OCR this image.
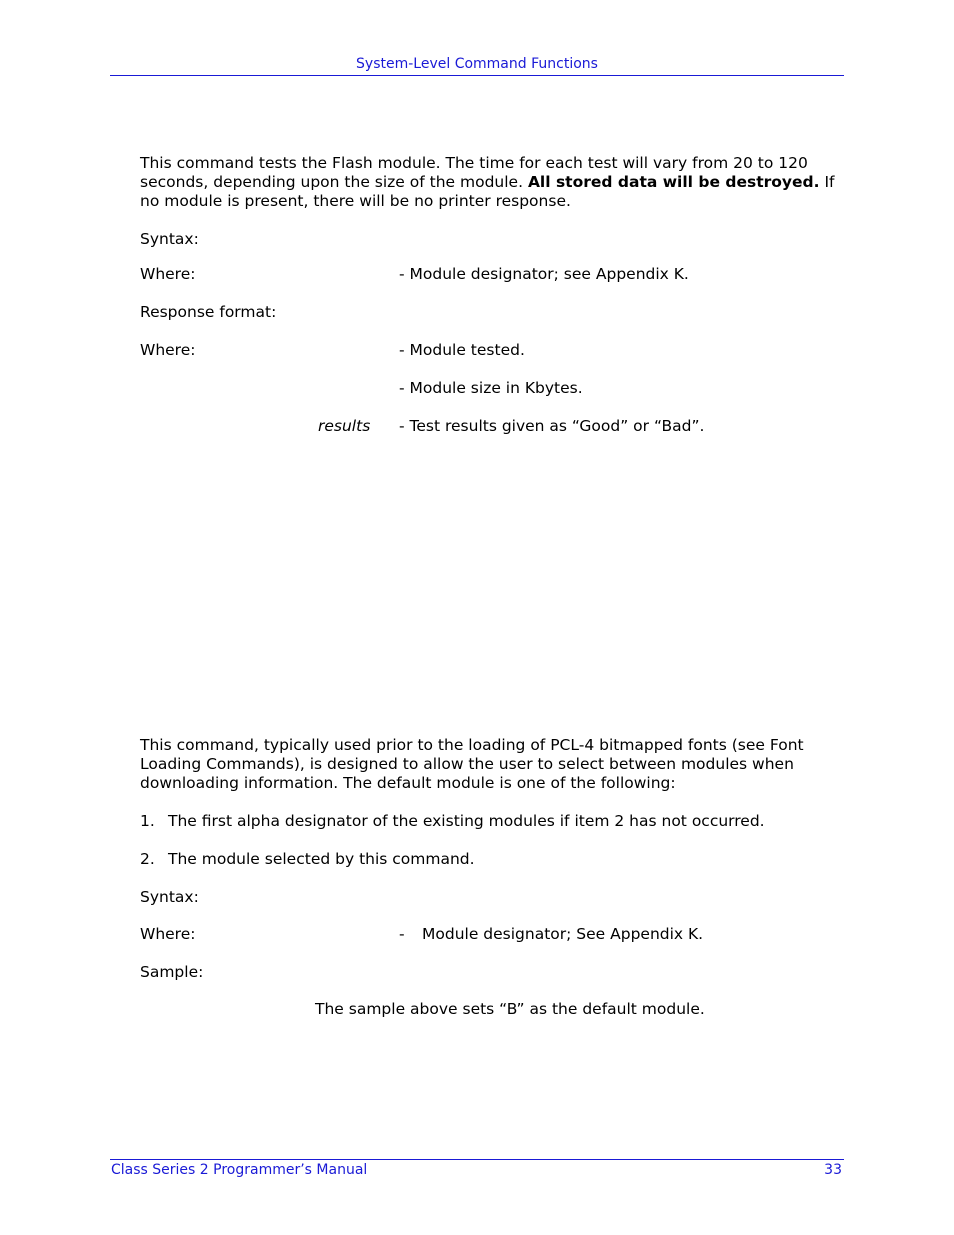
System-Level Command Functions
This command tests the Flash module. The time for each test will vary from 20 to 120 seconds, depending upon the size of the module. All stored data will be destroyed. If no module is present, there will be no printer response.
Syntax:
Where:	- Module designator; see Appendix K.
Response format:
Where:	- Module tested.
- Module size in Kbytes.
results - Test results given as “Good” or “Bad”.
This command, typically used prior to the loading of PCL-4 bitmapped fonts (see Font Loading Commands), is designed to allow the user to select between modules when downloading information. The default module is one of the following:
1. The first alpha designator of the existing modules if item 2 has not occurred.
2. The module selected by this command.
Syntax:
Where:	- Module designator; See Appendix K.
Sample:
The sample above sets “B” as the default module.
Class Series 2 Programmer’s Manual	33
